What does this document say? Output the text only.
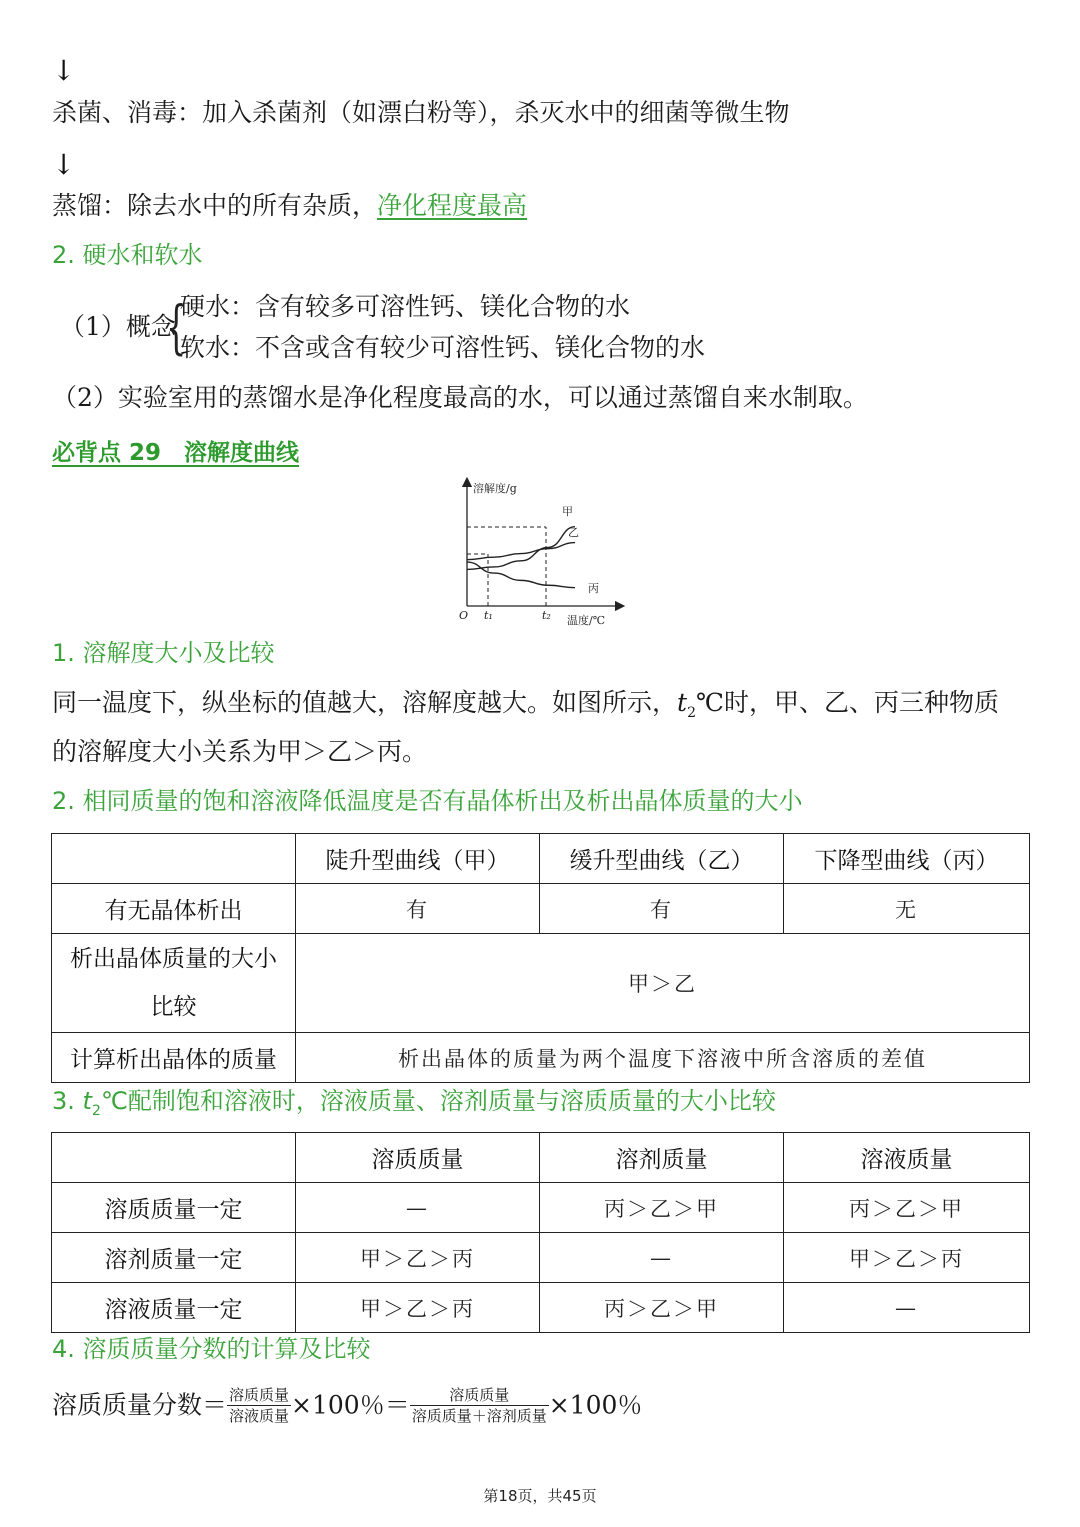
↓
杀菌、消毒：加入杀菌剂（如漂白粉等），杀灭水中的细菌等微生物
↓
蒸馏：除去水中的所有杂质，净化程度最高
2. 硬水和软水
（1）概念
{
硬水：含有较多可溶性钙、镁化合物的水
软水：不含或含有较少可溶性钙、镁化合物的水
（2）实验室用的蒸馏水是净化程度最高的水，可以通过蒸馏自来水制取。
必背点 29　溶解度曲线
溶解度/g
温度/℃
O t₁	t₂
甲
乙
丙
1. 溶解度大小及比较
同一温度下，纵坐标的值越大，溶解度越大。如图所示，$t_2℃$时，甲、乙、丙三种物质
的溶解度大小关系为甲＞乙＞丙。
2. 相同质量的饱和溶液降低温度是否有晶体析出及析出晶体质量的大小
	陡升型曲线（甲）	缓升型曲线（乙）	下降型曲线（丙）
有无晶体析出	有	有	无

析出晶体质量的大小
比较	甲＞乙		
计算析出晶体的质量	析出晶体的质量为两个温度下溶液中所含溶质的差值		
3. $t_2℃$配制饱和溶液时，溶液质量、溶剂质量与溶质质量的大小比较
	溶质质量	溶剂质量	溶液质量
溶质质量一定	—	丙＞乙＞甲	丙＞乙＞甲
溶剂质量一定	甲＞乙＞丙	—	甲＞乙＞丙
溶液质量一定	甲＞乙＞丙	丙＞乙＞甲	—
4. 溶质质量分数的计算及比较
溶质质量分数＝ $\frac{\text{溶质质量}}{\text{溶液质量}} \times 100$％＝ $\frac{\text{溶质质量}}{\text{溶质质量＋溶剂质量}} \times 100$％
第18页，共45页
